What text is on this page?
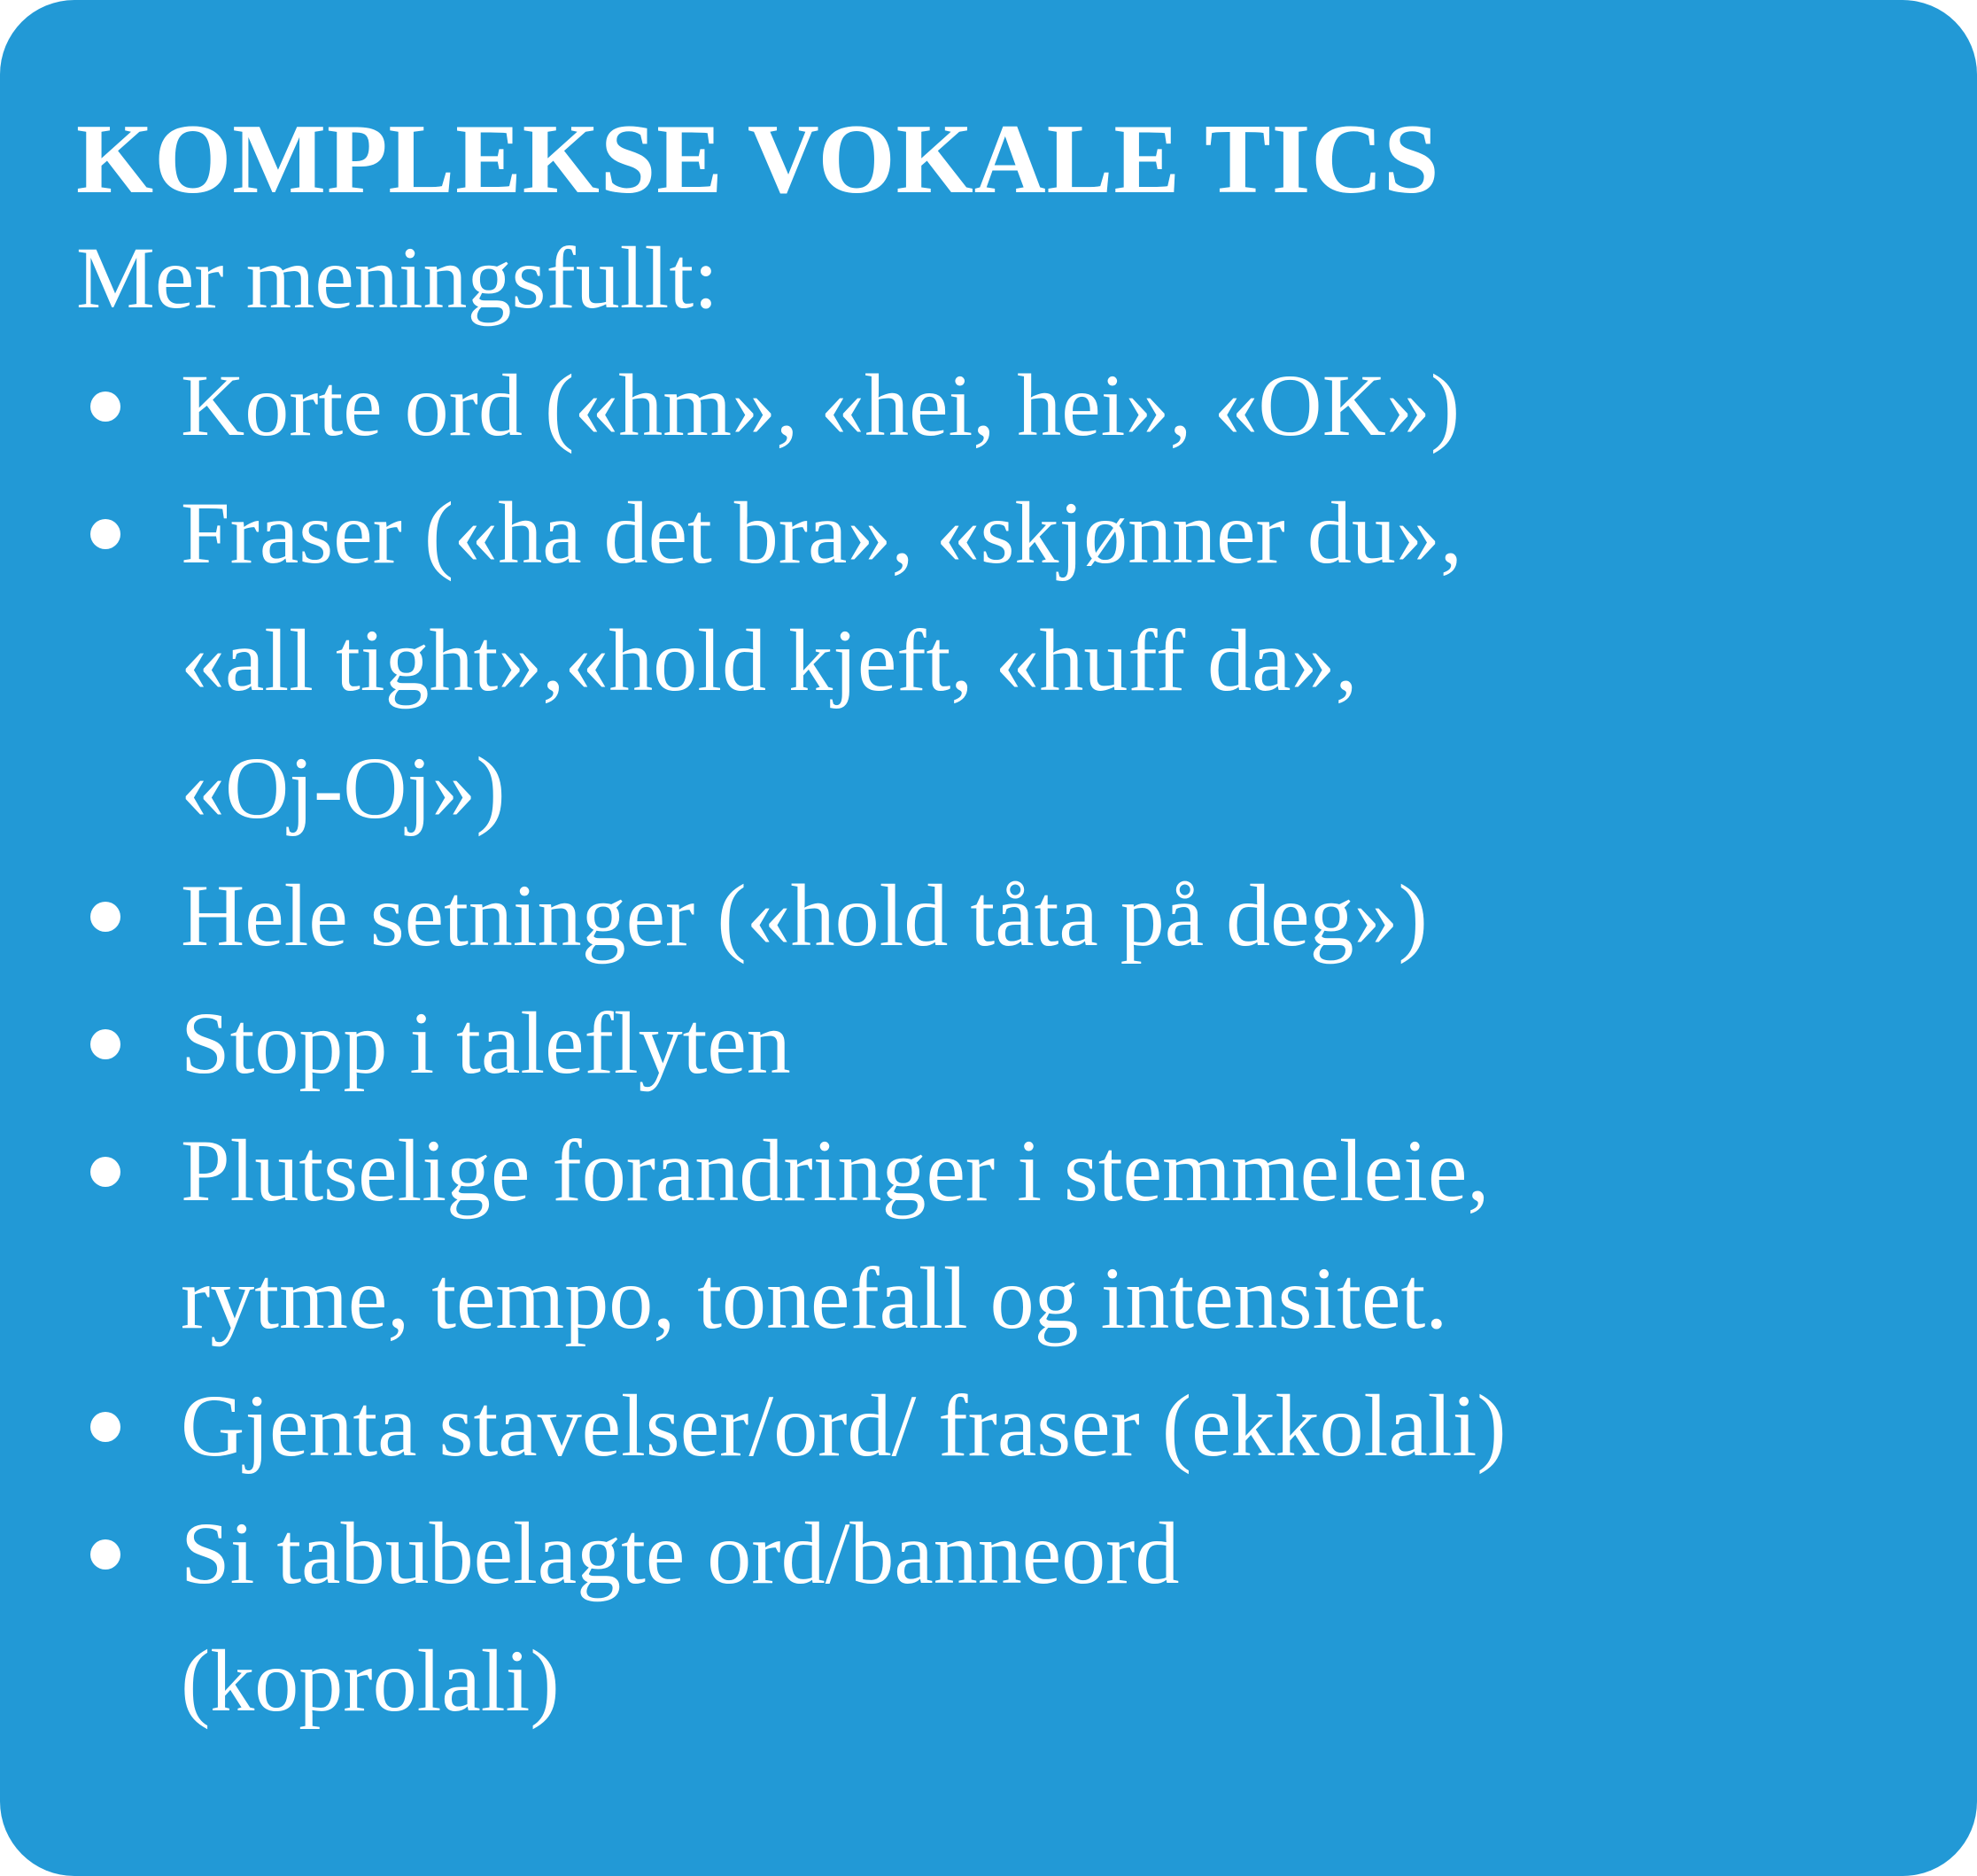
KOMPLEKSE VOKALE TICS

Mer meningsfullt:

Korte ord («hm», «hei, hei», «OK»)
Fraser («ha det bra», «skjønner du»,
«all tight»,«hold kjeft, «huff da»,
«Oj-Oj»)
Hele setninger («hold tåta på deg»)
Stopp i taleflyten
Plutselige forandringer i stemmeleie,
rytme, tempo, tonefall og intensitet.
Gjenta stavelser/ord/ fraser (ekkolali)
Si tabubelagte ord/banneord
(koprolali)
